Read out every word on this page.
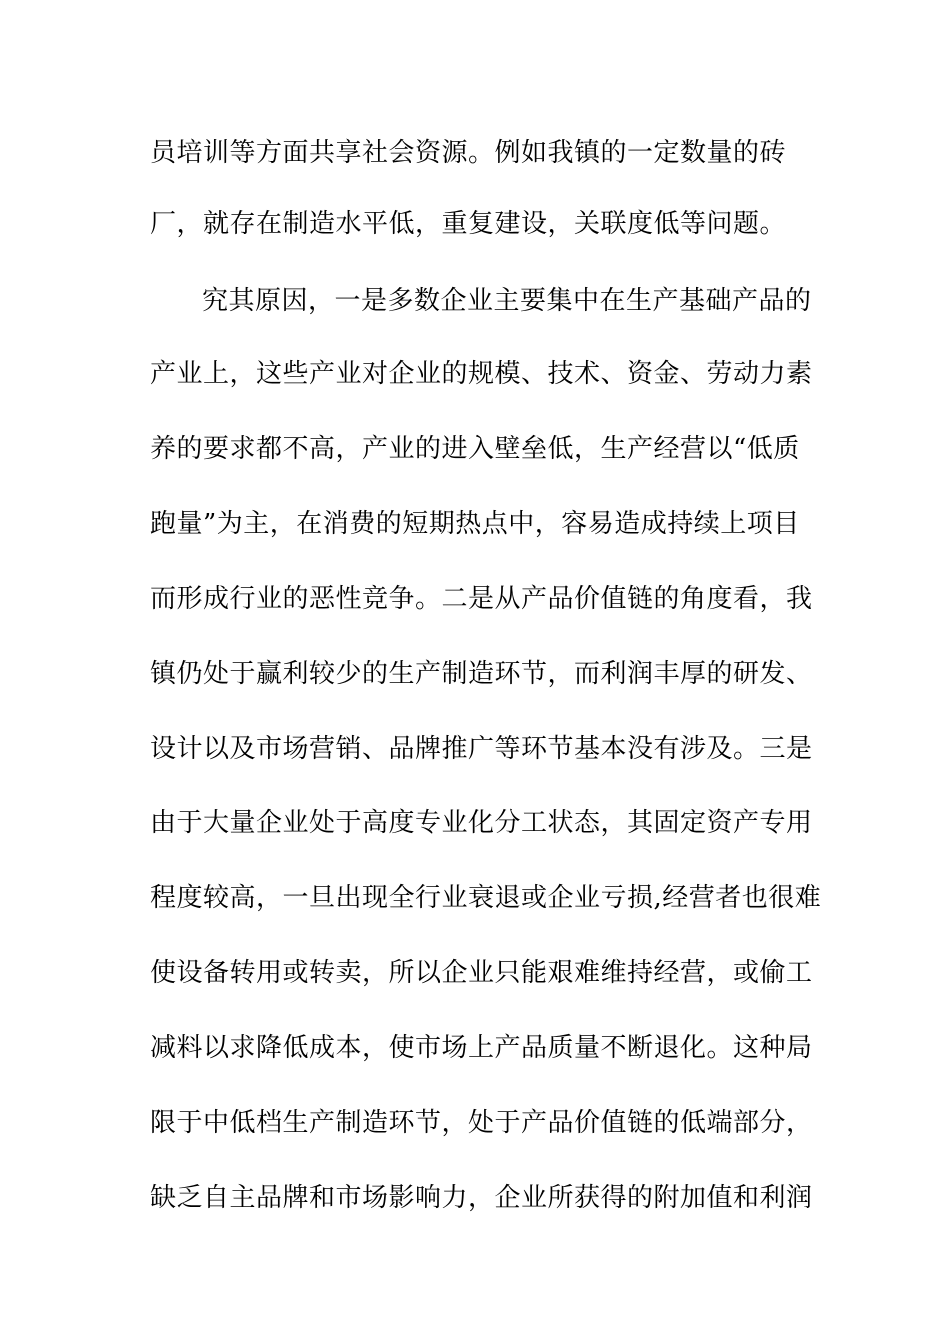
员培训等方面共享社会资源。例如我镇的一定数量的砖
厂，就存在制造水平低，重复建设，关联度低等问题。
究其原因，一是多数企业主要集中在生产基础产品的
产业上，这些产业对企业的规模、技术、资金、劳动力素
养的要求都不高，产业的进入壁垒低，生产经营以“低质
跑量”为主，在消费的短期热点中，容易造成持续上项目
而形成行业的恶性竞争。二是从产品价值链的角度看，我
镇仍处于赢利较少的生产制造环节，而利润丰厚的研发、
设计以及市场营销、品牌推广等环节基本没有涉及。三是
由于大量企业处于高度专业化分工状态，其固定资产专用
程度较高，一旦出现全行业衰退或企业亏损,经营者也很难
使设备转用或转卖，所以企业只能艰难维持经营，或偷工
减料以求降低成本，使市场上产品质量不断退化。这种局
限于中低档生产制造环节，处于产品价值链的低端部分，
缺乏自主品牌和市场影响力，企业所获得的附加值和利润
